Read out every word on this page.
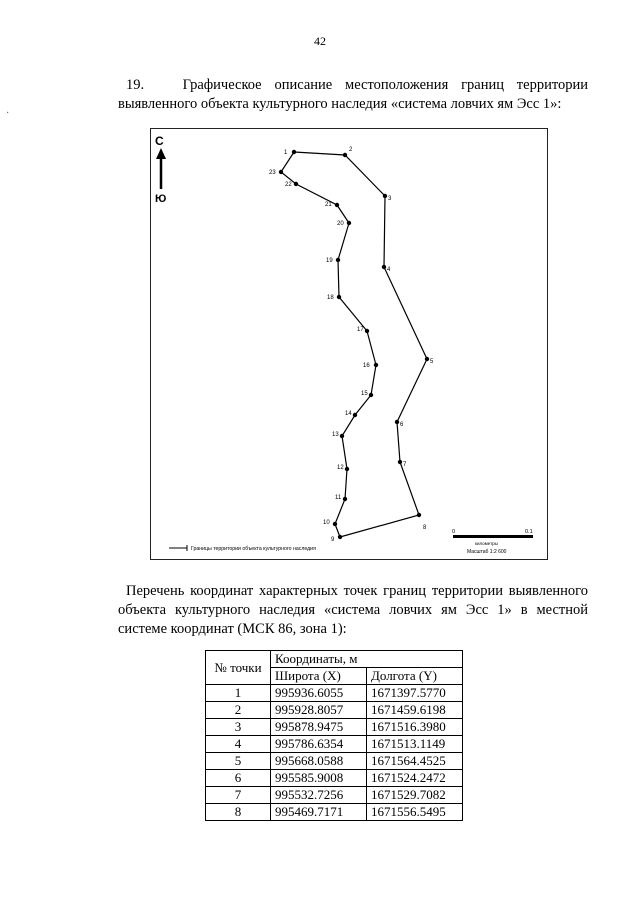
42
·
19.	Графическое описание местоположения границ территории выявленного объекта культурного наследия «система ловчих ям Эсс 1»:
С
Ю
1	2
3
4
5
6
7
8
9
10
11
12
13
14
15
16
17
18
19
20
21
22
23
Границы территории объекта культурного наследия
0	0.1
километры
Масштаб 1:2 600
Перечень координат характерных точек границ территории выявленного объекта культурного наследия «система ловчих ям Эсс 1» в местной системе координат (МСК 86, зона 1):
№ точки	Координаты, м	
	Широта (X)	Долгота (Y)
1	995936.6055	1671397.5770
2	995928.8057	1671459.6198
3	995878.9475	1671516.3980
4	995786.6354	1671513.1149
5	995668.0588	1671564.4525
6	995585.9008	1671524.2472
7	995532.7256	1671529.7082
8	995469.7171	1671556.5495
